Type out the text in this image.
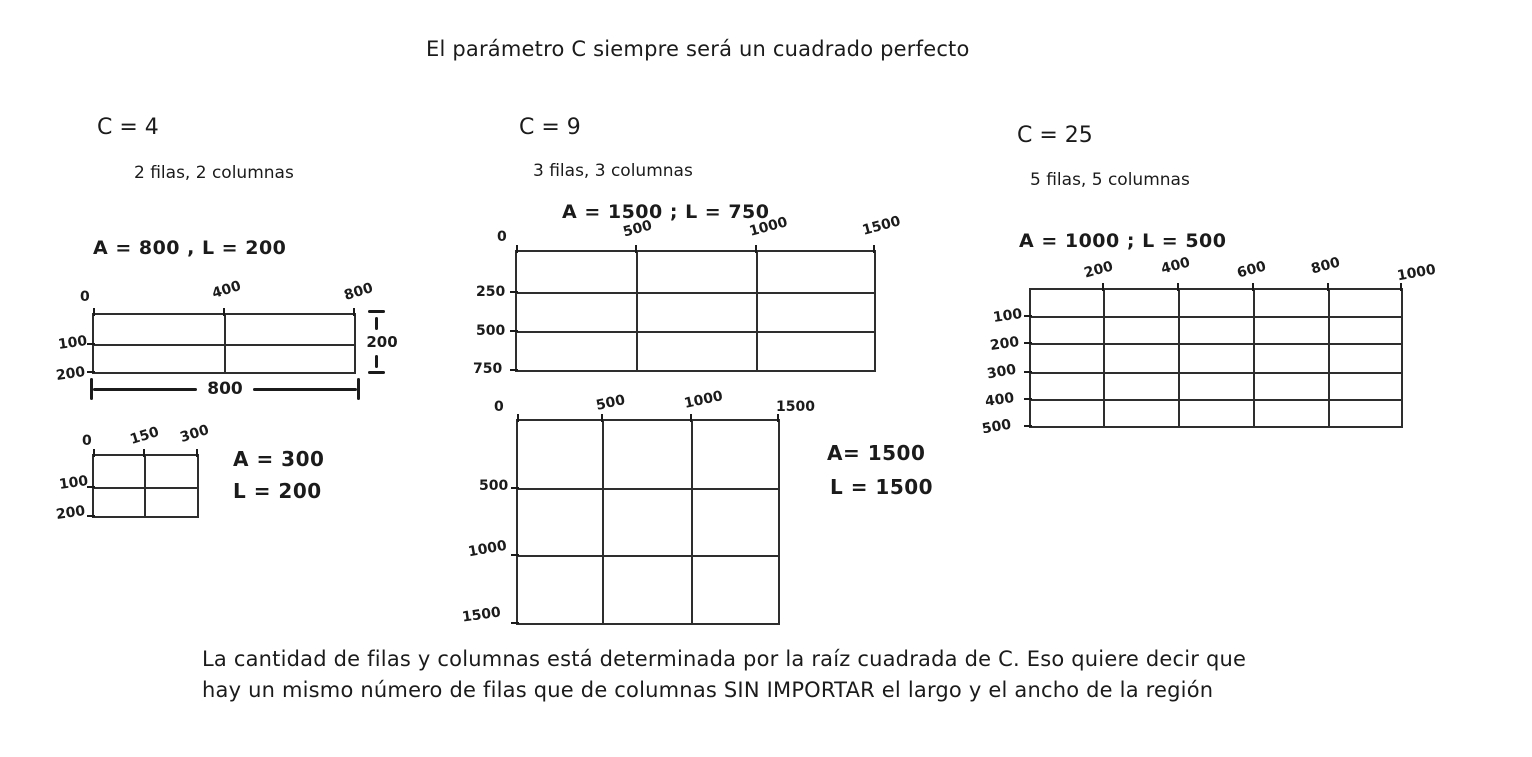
El parámetro C siempre será un cuadrado perfecto
C = 4
2 filas, 2 columnas
A = 800 , L = 200
0	400	800
100
200
200
800
0	150 300
100
200
A = 300
L = 200
C = 9
3 filas, 3 columnas
A = 1500 ; L = 750
0	500	1000	1500
250
500
750
0	500	1000	1500
500
1000
1500
A= 1500
L = 1500
C = 25
5 filas, 5 columnas
A = 1000 ; L = 500
200	400	600	800	1000
100
200
300
400
500
La cantidad de filas y columnas está determinada por la raíz cuadrada de C. Eso quiere decir que
hay un mismo número de filas que de columnas SIN IMPORTAR el largo y el ancho de la región
